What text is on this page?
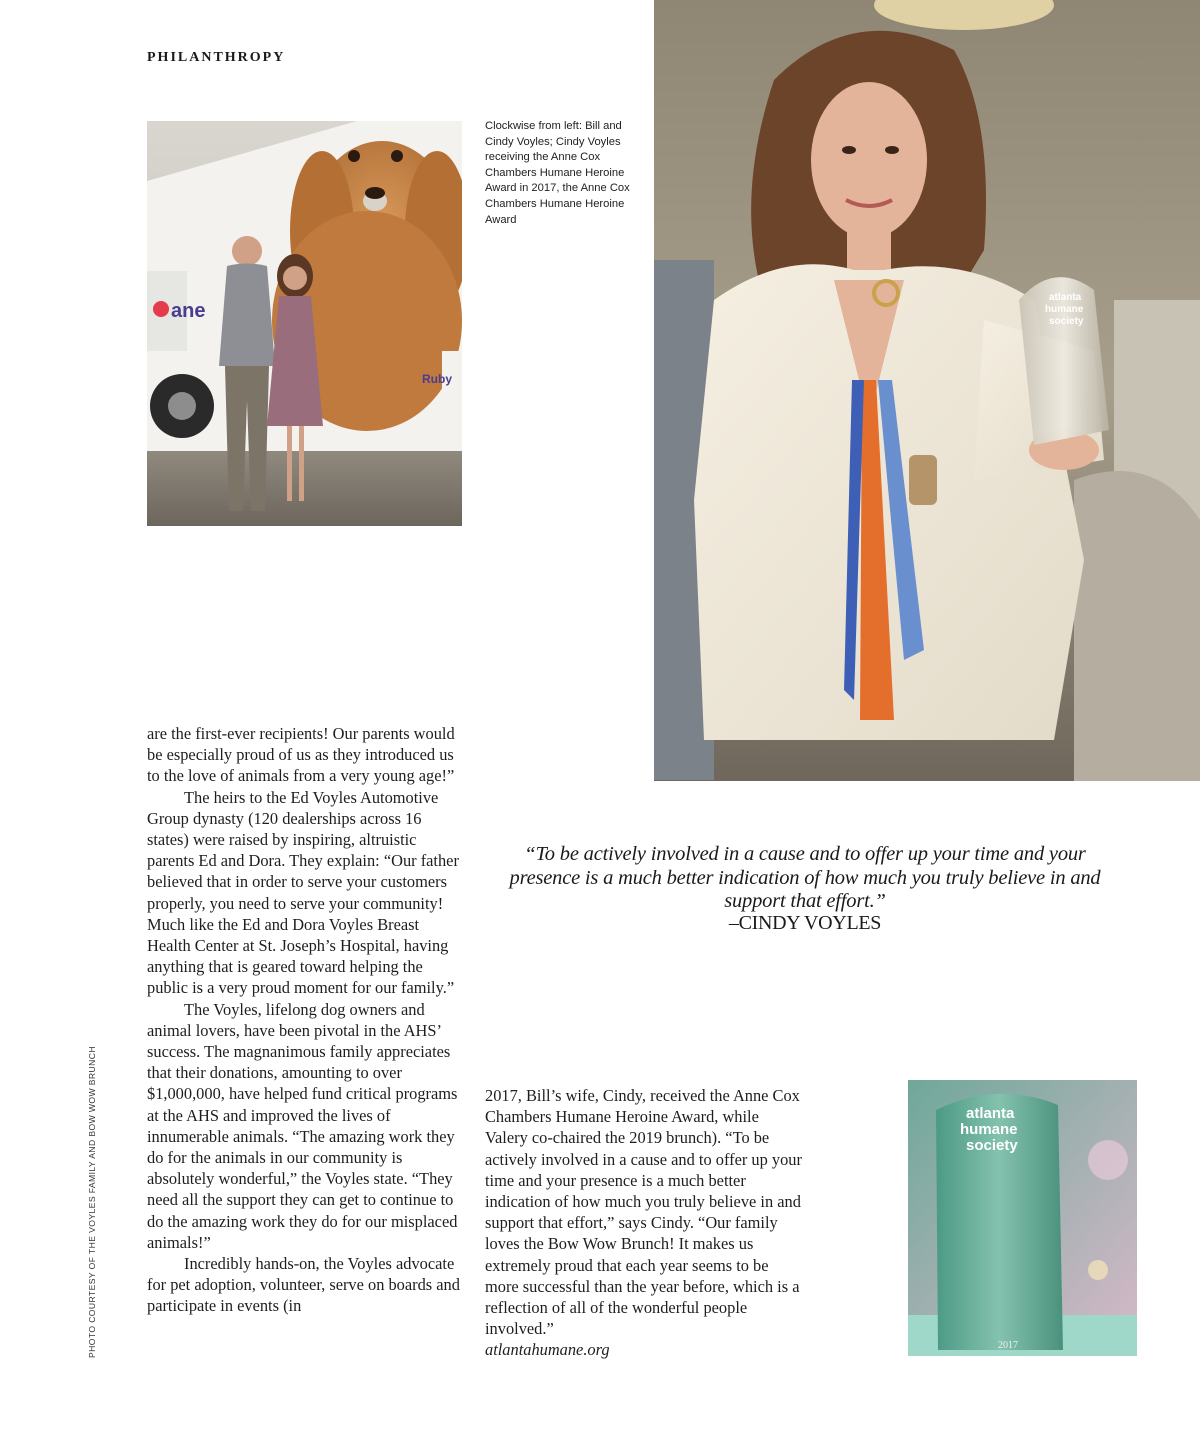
PHILANTHROPY
ane
Ruby
Clockwise from left: Bill and Cindy Voyles; Cindy Voyles receiving the Anne Cox Chambers Humane Heroine Award in 2017, the Anne Cox Chambers Humane Heroine Award
atlanta
humane
society

are the first-ever recipients! Our parents would be especially proud of us as they introduced us to the love of animals from a very young age!”

The heirs to the Ed Voyles Automotive Group dynasty (120 dealerships across 16 states) were raised by inspiring, altruistic parents Ed and Dora. They explain: “Our father believed that in order to serve your customers properly, you need to serve your community! Much like the Ed and Dora Voyles Breast Health Center at St. Joseph’s Hospital, having anything that is geared toward helping the public is a very proud moment for our family.”

The Voyles, lifelong dog owners and animal lovers, have been pivotal in the AHS’ success. The magnanimous family appreciates that their donations, amounting to over $1,000,000, have helped fund critical programs at the AHS and improved the lives of innumerable animals. “The amazing work they do for the animals in our community is absolutely wonderful,” the Voyles state. “They need all the support they can get to continue to do the amazing work they do for our misplaced animals!”

Incredibly hands-on, the Voyles advocate for pet adoption, volunteer, serve on boards and participate in events (in

“To be actively involved in a cause and to offer up your time and your presence is a much better indication of how much you truly believe in and support that effort.”
–CINDY VOYLES

2017, Bill’s wife, Cindy, received the Anne Cox Chambers Humane Heroine Award, while Valery co-chaired the 2019 brunch). “To be actively involved in a cause and to offer up your time and your presence is a much better indication of how much you truly believe in and support that effort,” says Cindy. “Our family loves the Bow Wow Brunch! It makes us extremely proud that each year seems to be more successful than the year before, which is a reflection of all of the wonderful people involved.”

atlantahumane.org

atlanta
humane
society
2017
PHOTO COURTESY OF THE VOYLES FAMILY AND BOW WOW BRUNCH
